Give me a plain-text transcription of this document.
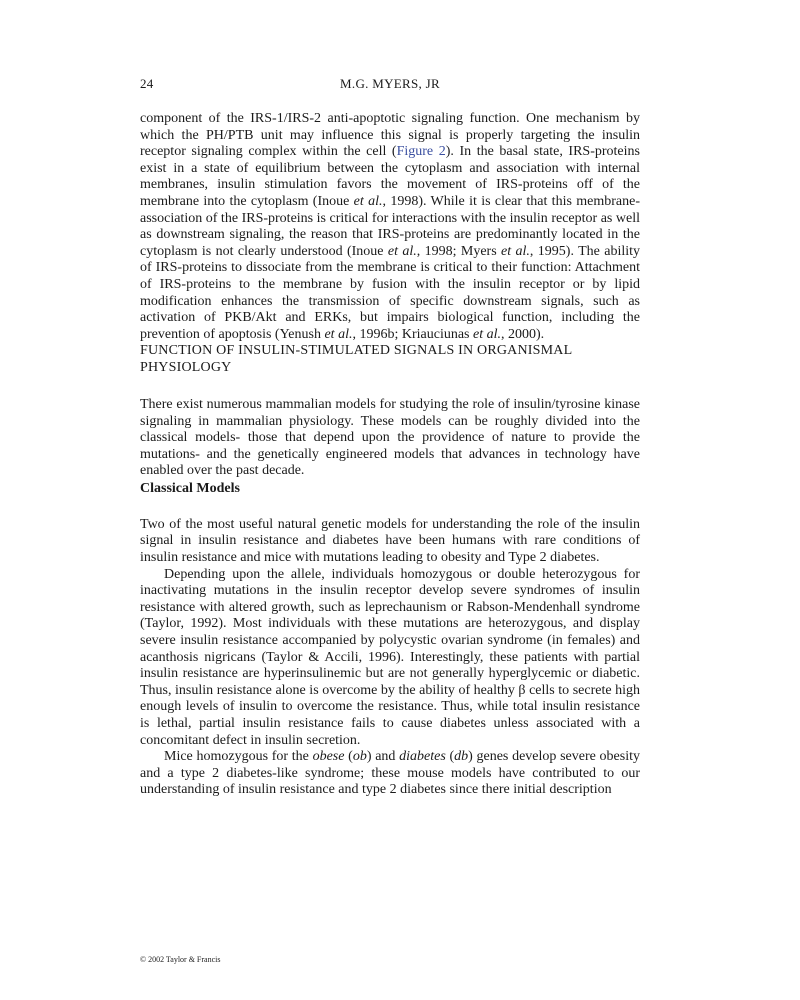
24	M.G. MYERS, JR

component of the IRS-1/IRS-2 anti-apoptotic signaling function. One mechanism by which the PH/PTB unit may influence this signal is properly targeting the insulin receptor signaling complex within the cell (Figure 2). In the basal state, IRS-proteins exist in a state of equilibrium between the cytoplasm and association with internal membranes, insulin stimulation favors the movement of IRS-proteins off of the membrane into the cytoplasm (Inoue et al., 1998). While it is clear that this membrane-association of the IRS-proteins is critical for interactions with the insulin receptor as well as downstream signaling, the reason that IRS-proteins are predominantly located in the cytoplasm is not clearly understood (Inoue et al., 1998; Myers et al., 1995). The ability of IRS-proteins to dissociate from the membrane is critical to their function: Attachment of IRS-proteins to the membrane by fusion with the insulin receptor or by lipid modification enhances the transmission of specific downstream signals, such as activation of PKB/Akt and ERKs, but impairs biological function, including the prevention of apoptosis (Yenush et al., 1996b; Kriauciunas et al., 2000).

FUNCTION OF INSULIN-STIMULATED SIGNALS IN ORGANISMAL PHYSIOLOGY

There exist numerous mammalian models for studying the role of insulin/tyrosine kinase signaling in mammalian physiology. These models can be roughly divided into the classical models- those that depend upon the providence of nature to provide the mutations- and the genetically engineered models that advances in technology have enabled over the past decade.

Classical Models

Two of the most useful natural genetic models for understanding the role of the insulin signal in insulin resistance and diabetes have been humans with rare conditions of insulin resistance and mice with mutations leading to obesity and Type 2 diabetes.

Depending upon the allele, individuals homozygous or double heterozygous for inactivating mutations in the insulin receptor develop severe syndromes of insulin resistance with altered growth, such as leprechaunism or Rabson-Mendenhall syndrome (Taylor, 1992). Most individuals with these mutations are heterozygous, and display severe insulin resistance accompanied by polycystic ovarian syndrome (in females) and acanthosis nigricans (Taylor & Accili, 1996). Interestingly, these patients with partial insulin resistance are hyperinsulinemic but are not generally hyperglycemic or diabetic. Thus, insulin resistance alone is overcome by the ability of healthy β cells to secrete high enough levels of insulin to overcome the resistance. Thus, while total insulin resistance is lethal, partial insulin resistance fails to cause diabetes unless associated with a concomitant defect in insulin secretion.

Mice homozygous for the obese (ob) and diabetes (db) genes develop severe obesity and a type 2 diabetes-like syndrome; these mouse models have contributed to our understanding of insulin resistance and type 2 diabetes since there initial description

© 2002 Taylor & Francis
